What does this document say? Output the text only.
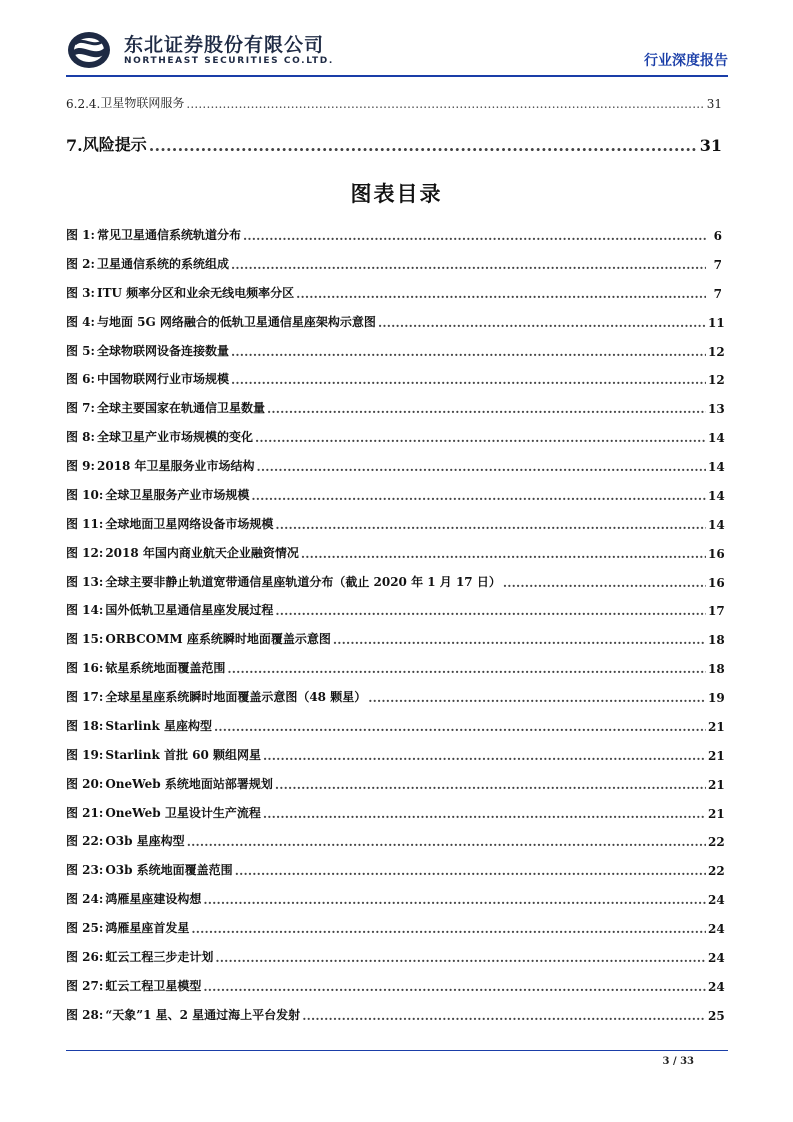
东北证券股份有限公司
NORTHEAST SECURITIES CO.LTD.	行业深度报告
6.2.4. 卫星物联网服务 .....	31
7. 风险提示 .....	31
图表目录
图 1: 常见卫星通信系统轨道分布 .....	6
图 2: 卫星通信系统的系统组成 .....	7
图 3: ITU 频率分区和业余无线电频率分区 .....	7
图 4: 与地面 5G 网络融合的低轨卫星通信星座架构示意图 .....	11
图 5: 全球物联网设备连接数量 .....	12
图 6: 中国物联网行业市场规模 .....	12
图 7: 全球主要国家在轨通信卫星数量 .....	13
图 8: 全球卫星产业市场规模的变化 .....	14
图 9: 2018 年卫星服务业市场结构 .....	14
图 10: 全球卫星服务产业市场规模 .....	14
图 11: 全球地面卫星网络设备市场规模 .....	14
图 12: 2018 年国内商业航天企业融资情况 .....	16
图 13: 全球主要非静止轨道宽带通信星座轨道分布（截止 2020 年 1 月 17 日） .....	16
图 14: 国外低轨卫星通信星座发展过程 .....	17
图 15: ORBCOMM 座系统瞬时地面覆盖示意图 .....	18
图 16: 铱星系统地面覆盖范围 .....	18
图 17: 全球星星座系统瞬时地面覆盖示意图（48 颗星） .....	19
图 18: Starlink 星座构型 .....	21
图 19: Starlink 首批 60 颗组网星 .....	21
图 20: OneWeb 系统地面站部署规划 .....	21
图 21: OneWeb 卫星设计生产流程 .....	21
图 22: O3b 星座构型 .....	22
图 23: O3b 系统地面覆盖范围 .....	22
图 24: 鸿雁星座建设构想 .....	24
图 25: 鸿雁星座首发星 .....	24
图 26: 虹云工程三步走计划 .....	24
图 27: 虹云工程卫星模型 .....	24
图 28: “天象”1 星、2 星通过海上平台发射 .....	25
3 / 33
